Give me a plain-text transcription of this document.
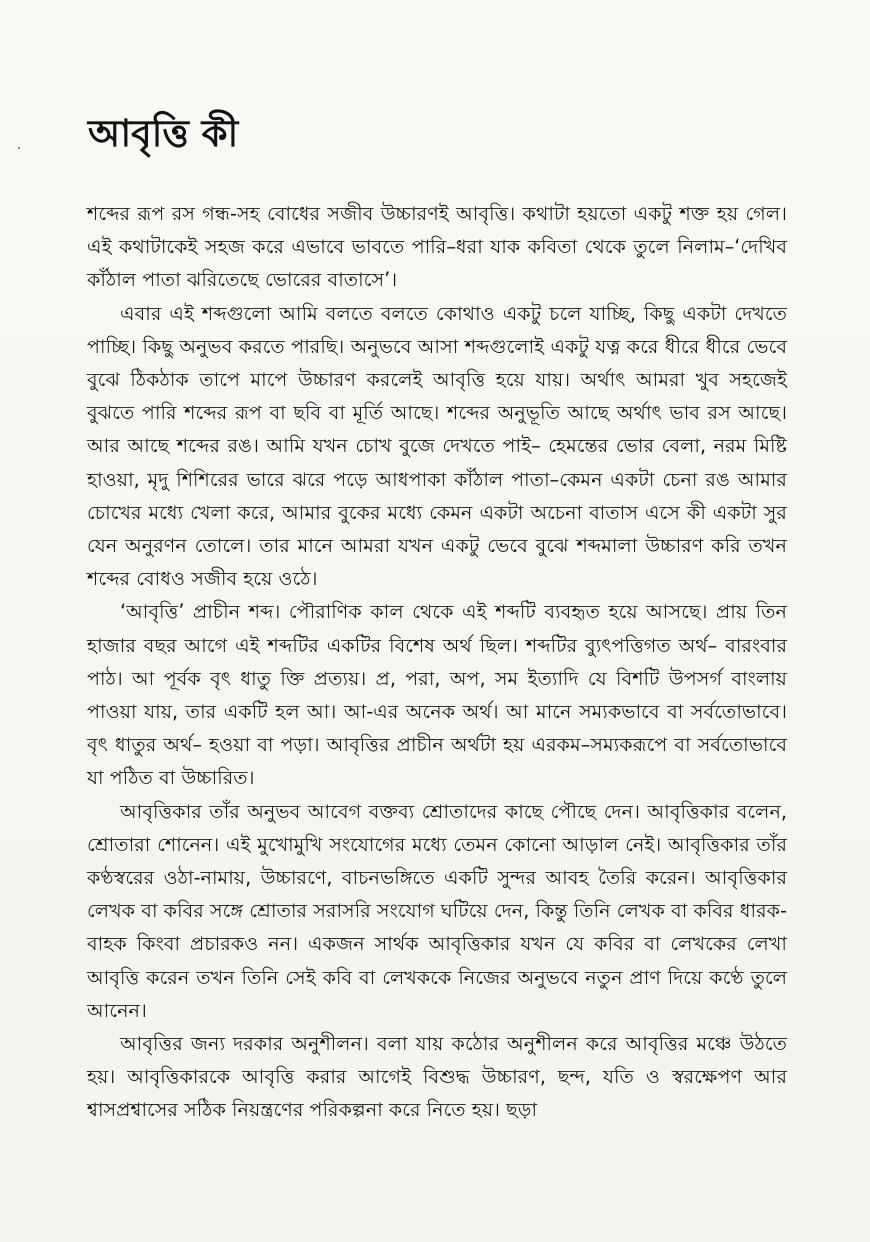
আবৃত্তি কী

শব্দের রূপ রস গন্ধ-সহ বোধের সজীব উচ্চারণই আবৃত্তি। কথাটা হয়তো একটু শক্ত হয় গেল। এই কথাটাকেই সহজ করে এভাবে ভাবতে পারি–ধরা যাক কবিতা থেকে তুলে নিলাম–‘দেখিব কাঁঠাল পাতা ঝরিতেছে ভোরের বাতাসে’।

এবার এই শব্দগুলো আমি বলতে বলতে কোথাও একটু চলে যাচ্ছি, কিছু একটা দেখতে পাচ্ছি। কিছু অনুভব করতে পারছি। অনুভবে আসা শব্দগুলোই একটু যত্ন করে ধীরে ধীরে ভেবে বুঝে ঠিকঠাক তাপে মাপে উচ্চারণ করলেই আবৃত্তি হয়ে যায়। অর্থাৎ আমরা খুব সহজেই বুঝতে পারি শব্দের রূপ বা ছবি বা মূর্তি আছে। শব্দের অনুভূতি আছে অর্থাৎ ভাব রস আছে। আর আছে শব্দের রঙ। আমি যখন চোখ বুজে দেখতে পাই– হেমন্তের ভোর বেলা, নরম মিষ্টি হাওয়া, মৃদু শিশিরের ভারে ঝরে পড়ে আধপাকা কাঁঠাল পাতা–কেমন একটা চেনা রঙ আমার চোখের মধ্যে খেলা করে, আমার বুকের মধ্যে কেমন একটা অচেনা বাতাস এসে কী একটা সুর যেন অনুরণন তোলে। তার মানে আমরা যখন একটু ভেবে বুঝে শব্দমালা উচ্চারণ করি তখন শব্দের বোধও সজীব হয়ে ওঠে।

‘আবৃত্তি’ প্রাচীন শব্দ। পৌরাণিক কাল থেকে এই শব্দটি ব্যবহৃত হয়ে আসছে। প্রায় তিন হাজার বছর আগে এই শব্দটির একটির বিশেষ অর্থ ছিল। শব্দটির ব্যুৎপত্তিগত অর্থ– বারংবার পাঠ। আ পূর্বক বৃৎ ধাতু ক্তি প্রত্যয়। প্র, পরা, অপ, সম ইত্যাদি যে বিশটি উপসর্গ বাংলায় পাওয়া যায়, তার একটি হল আ। আ-এর অনেক অর্থ। আ মানে সম্যকভাবে বা সর্বতোভাবে। বৃৎ ধাতুর অর্থ– হওয়া বা পড়া। আবৃত্তির প্রাচীন অর্থটা হয় এরকম–সম্যকরূপে বা সর্বতোভাবে যা পঠিত বা উচ্চারিত।

আবৃত্তিকার তাঁর অনুভব আবেগ বক্তব্য শ্রোতাদের কাছে পৌছে দেন। আবৃত্তিকার বলেন, শ্রোতারা শোনেন। এই মুখোমুখি সংযোগের মধ্যে তেমন কোনো আড়াল নেই। আবৃত্তিকার তাঁর কণ্ঠস্বরের ওঠা-নামায়, উচ্চারণে, বাচনভঙ্গিতে একটি সুন্দর আবহ তৈরি করেন। আবৃত্তিকার লেখক বা কবির সঙ্গে শ্রোতার সরাসরি সংযোগ ঘটিয়ে দেন, কিন্তু তিনি লেখক বা কবির ধারক-বাহক কিংবা প্রচারকও নন। একজন সার্থক আবৃত্তিকার যখন যে কবির বা লেখকের লেখা আবৃত্তি করেন তখন তিনি সেই কবি বা লেখককে নিজের অনুভবে নতুন প্রাণ দিয়ে কণ্ঠে তুলে আনেন।

আবৃত্তির জন্য দরকার অনুশীলন। বলা যায় কঠোর অনুশীলন করে আবৃত্তির মঞ্চে উঠতে হয়। আবৃত্তিকারকে আবৃত্তি করার আগেই বিশুদ্ধ উচ্চারণ, ছন্দ, যতি ও স্বরক্ষেপণ আর শ্বাসপ্রশ্বাসের সঠিক নিয়ন্ত্রণের পরিকল্পনা করে নিতে হয়। ছড়া
